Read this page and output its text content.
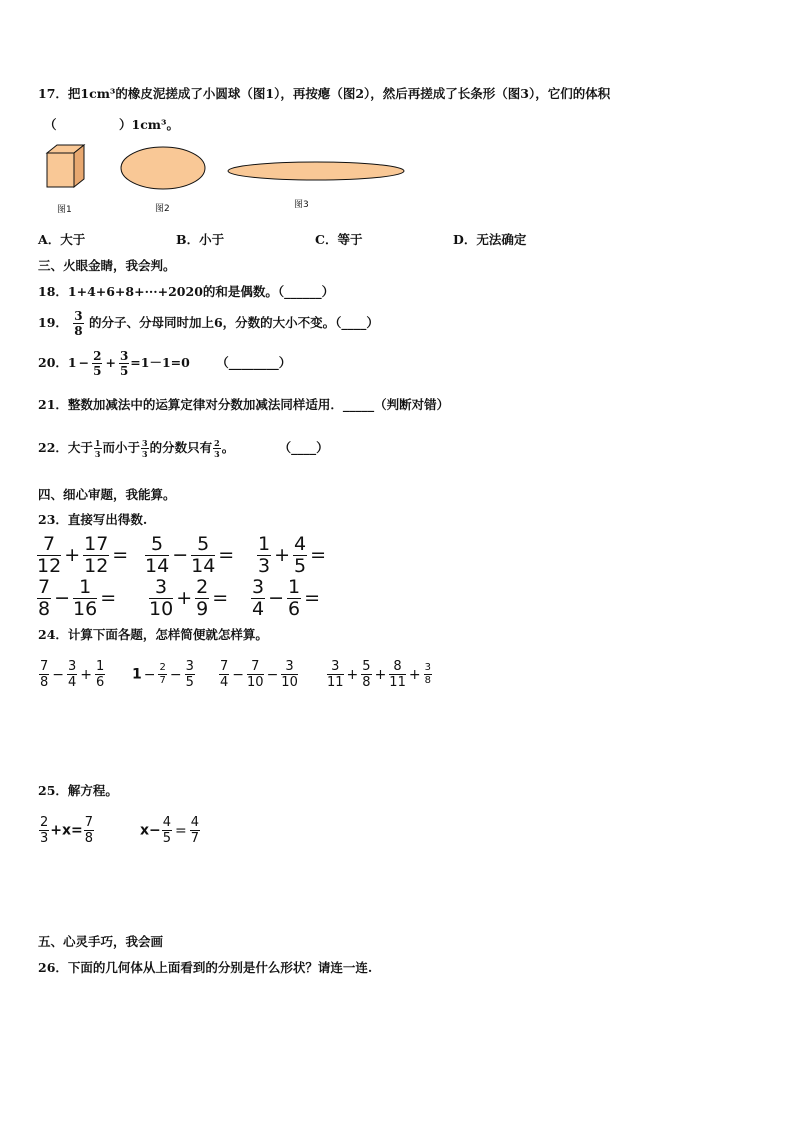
17．把1cm³的橡皮泥搓成了小圆球（图1），再按瘪（图2），然后再搓成了长条形（图3），它们的体积
（　　　　　）1cm³。
图1	图2	图3
A．大于	B．小于	C．等于	D．无法确定
三、火眼金睛，我会判。
18．1+4+6+8+···+2020的和是偶数。（______）
19． $\frac{3}{8}$ 的分子、分母同时加上6，分数的大小不变。（____）
20．$1 - \frac{2}{5} + \frac{3}{5} =1-1=0$ （________）
21．整数加减法中的运算定律对分数加减法同样适用．_____（判断对错）
22．大于 $\frac{1}{3}$ 而小于 $\frac{3}{3}$ 的分数只有 $\frac{2}{3}$ 。	（____）
四、细心审题，我能算。
23．直接写出得数.
$\frac{7}{12} + \frac{17}{12} = \frac{5}{14} - \frac{5}{14} = \frac{1}{3} + \frac{4}{5}$ =
$\frac{7}{8} - \frac{1}{16} = \frac{3}{10} + \frac{2}{9} = \frac{3}{4} - \frac{1}{6}$ =
24．计算下面各题，怎样简便就怎样算。
$\frac{7}{8} - \frac{3}{4} + \frac{1}{6} 1 - \frac{2}{7} - \frac{3}{5} \frac{7}{4} - \frac{7}{10} - \frac{3}{10} \frac{3}{11} + \frac{5}{8} + \frac{8}{11} + \frac{3}{8}$
25．解方程。
$\frac{2}{3} +x= \frac{7}{8}$	$x- \frac{4}{5} = \frac{4}{7}$
五、心灵手巧，我会画
26．下面的几何体从上面看到的分别是什么形状？请连一连.
